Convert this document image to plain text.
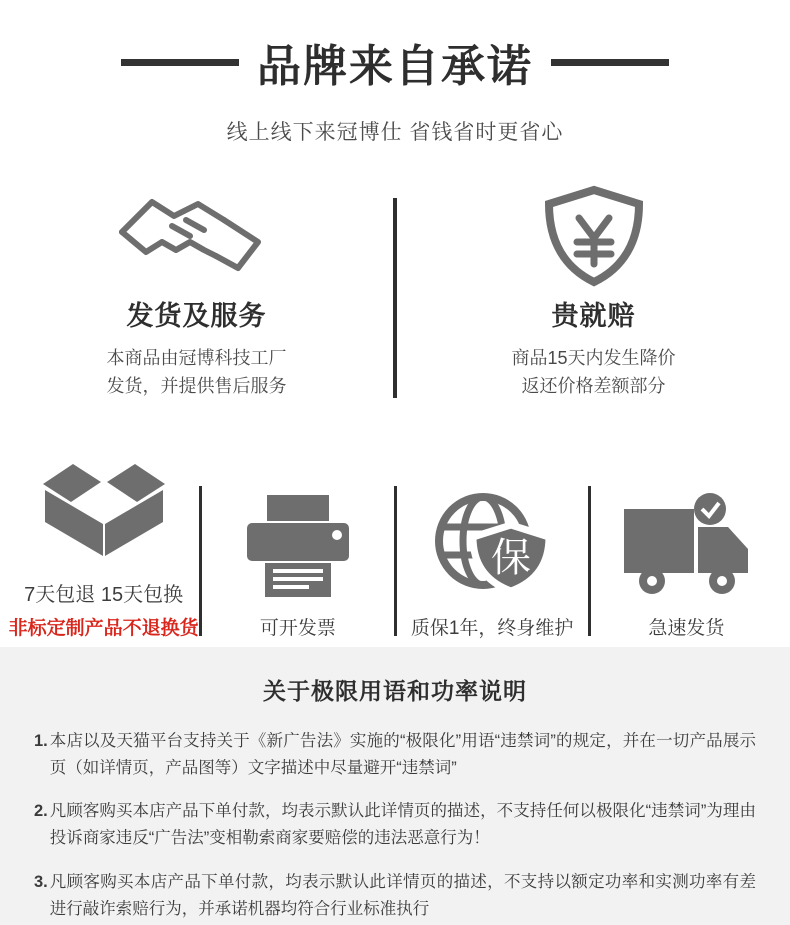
品牌来自承诺
线上线下来冠博仕 省钱省时更省心
发货及服务
本商品由冠博科技工厂
发货，并提供售后服务
贵就赔
商品15天内发生降价
返还价格差额部分
7天包退 15天包换
非标定制产品不退换货	可开发票
保
质保1年，终身维护	急速发货
关于极限用语和功率说明
1. 本店以及天猫平台支持关于《新广告法》实施的“极限化”用语“违禁词”的规定，并在一切产品展示页（如详情页，产品图等）文字描述中尽量避开“违禁词”
2. 凡顾客购买本店产品下单付款，均表示默认此详情页的描述，不支持任何以极限化“违禁词”为理由投诉商家违反“广告法”变相勒索商家要赔偿的违法恶意行为！
3. 凡顾客购买本店产品下单付款，均表示默认此详情页的描述，不支持以额定功率和实测功率有差进行敲诈索赔行为，并承诺机器均符合行业标准执行
